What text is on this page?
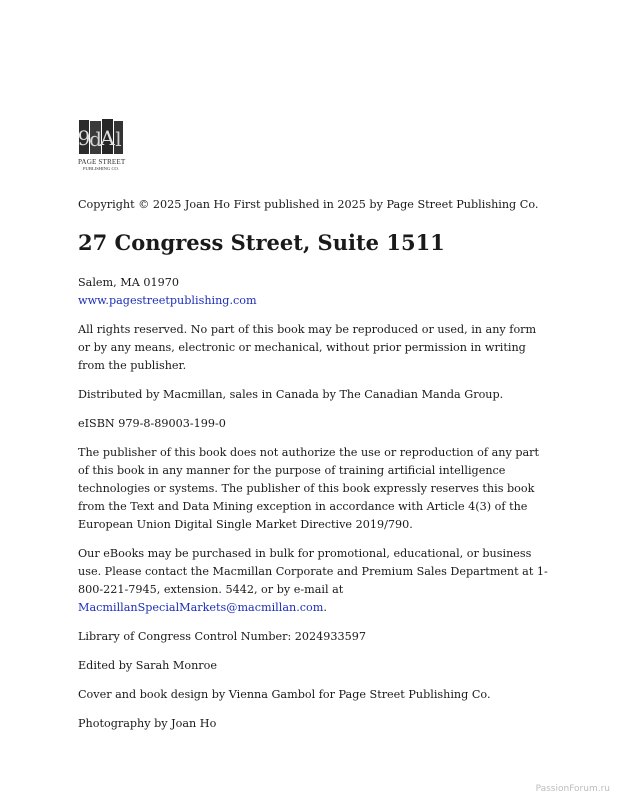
9
d
A l
PAGE STREET
PUBLISHING CO.

Copyright © 2025 Joan Ho First published in 2025 by Page Street Publishing Co.

27 Congress Street, Suite 1511

Salem, MA 01970

www.pagestreetpublishing.com

All rights reserved. No part of this book may be reproduced or used, in any form or by any means, electronic or mechanical, without prior permission in writing from the publisher.

Distributed by Macmillan, sales in Canada by The Canadian Manda Group.

eISBN 979-8-89003-199-0

The publisher of this book does not authorize the use or reproduction of any part of this book in any manner for the purpose of training artificial intelligence technologies or systems. The publisher of this book expressly reserves this book from the Text and Data Mining exception in accordance with Article 4(3) of the European Union Digital Single Market Directive 2019/790.

Our eBooks may be purchased in bulk for promotional, educational, or business use. Please contact the Macmillan Corporate and Premium Sales Department at 1-800-221-7945, extension. 5442, or by e-mail at MacmillanSpecialMarkets@macmillan.com.

Library of Congress Control Number: 2024933597

Edited by Sarah Monroe

Cover and book design by Vienna Gambol for Page Street Publishing Co.

Photography by Joan Ho

PassionForum.ru
